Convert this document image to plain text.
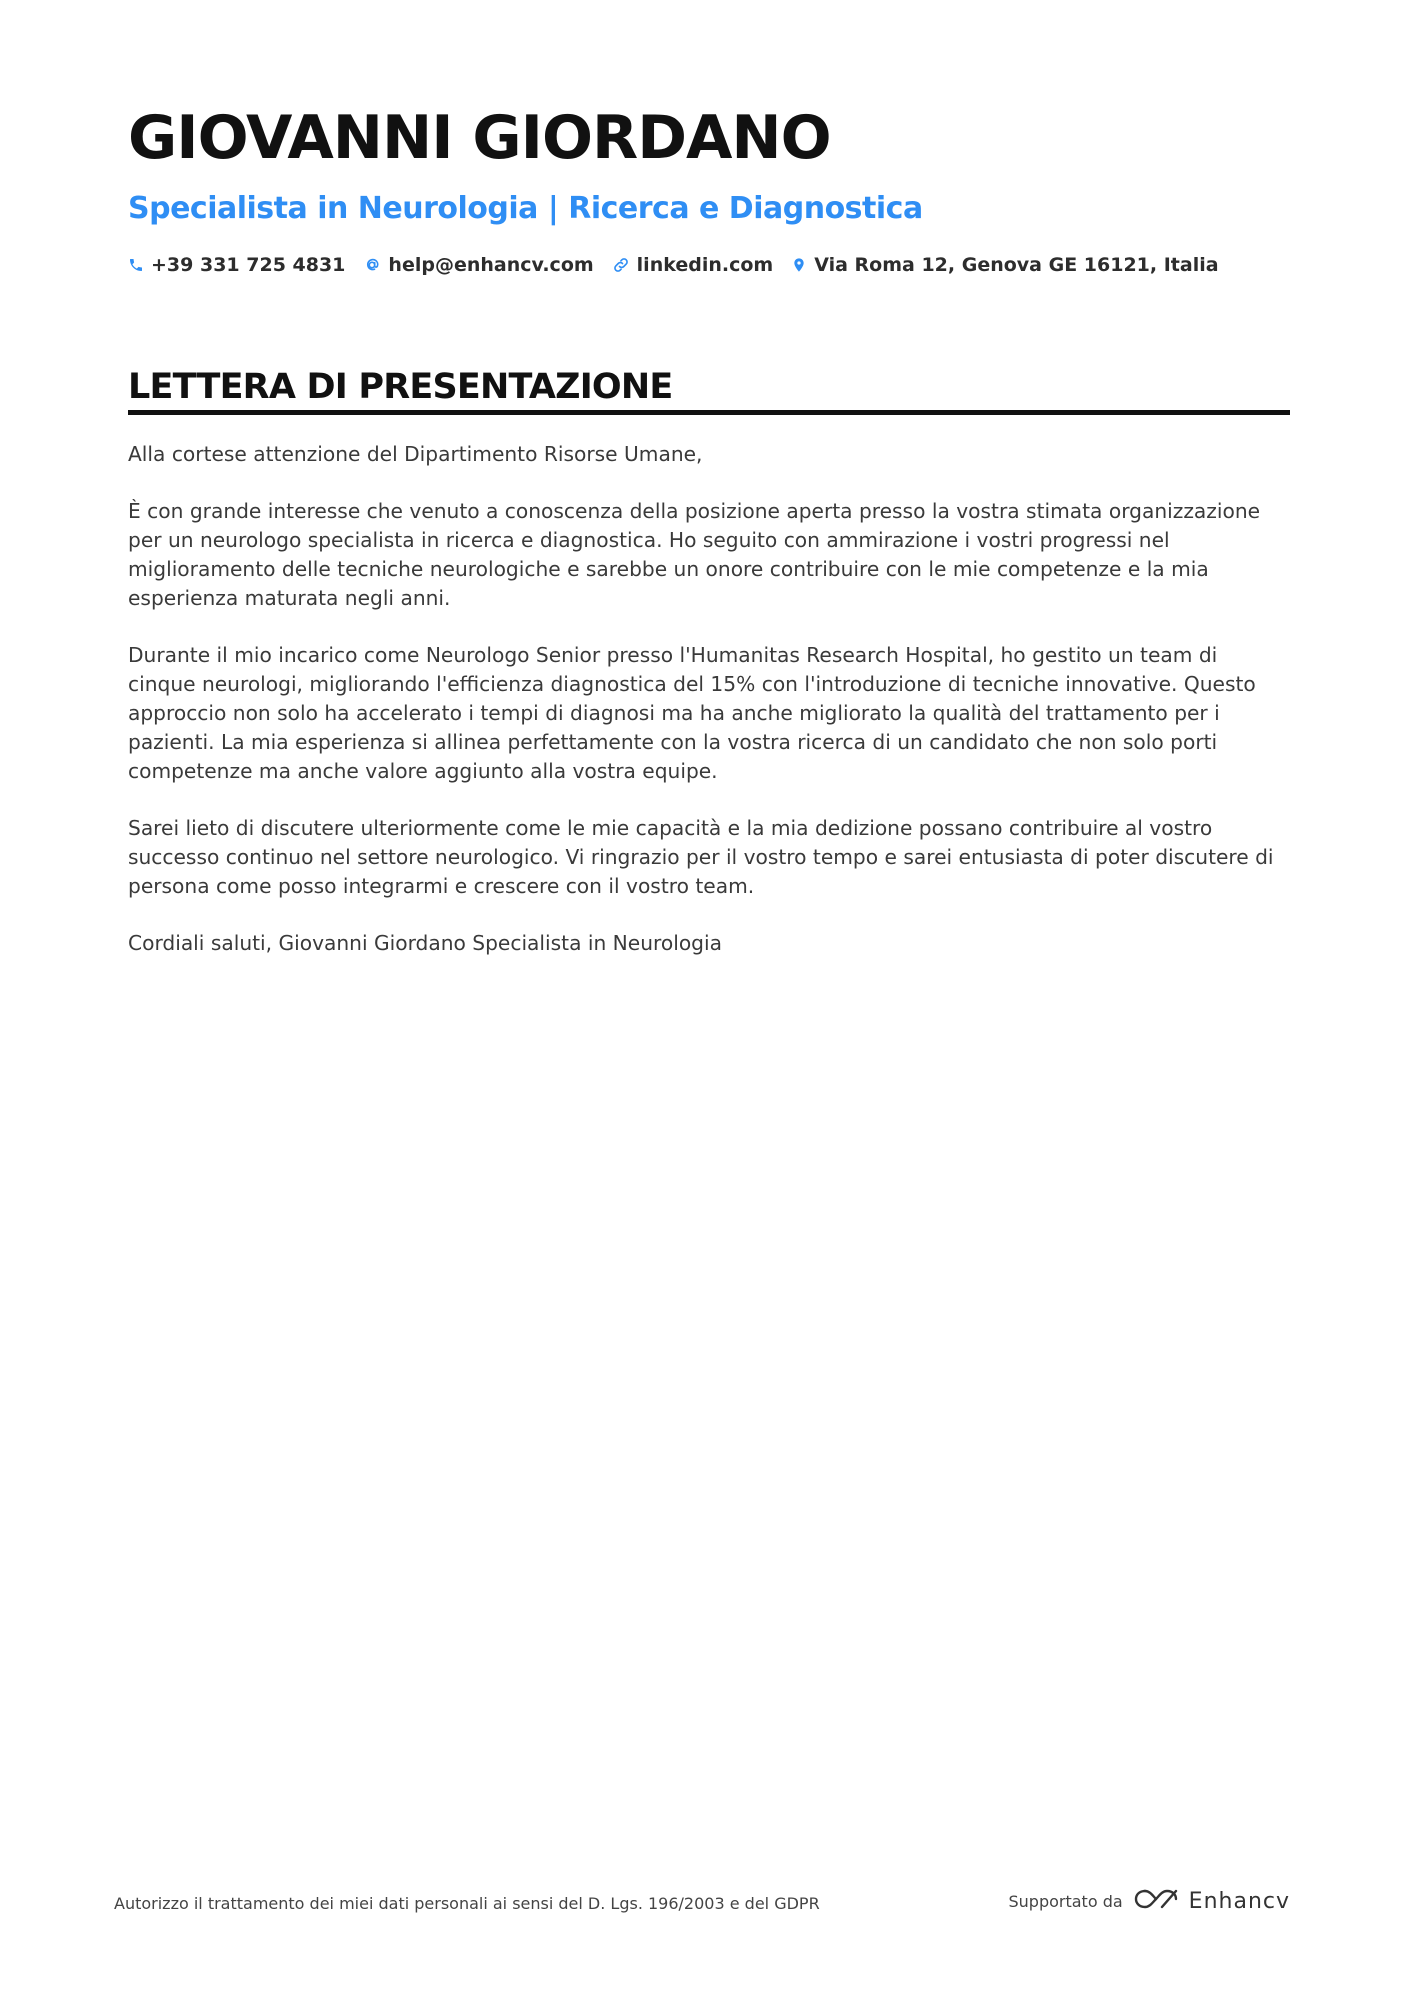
GIOVANNI GIORDANO
Specialista in Neurologia | Ricerca e Diagnostica
+39 331 725 4831 help@enhancv.com linkedin.com Via Roma 12, Genova GE 16121, Italia
LETTERA DI PRESENTAZIONE

Alla cortese attenzione del Dipartimento Risorse Umane,

È con grande interesse che venuto a conoscenza della posizione aperta presso la vostra stimata organizzazione per un neurologo specialista in ricerca e diagnostica. Ho seguito con ammirazione i vostri progressi nel miglioramento delle tecniche neurologiche e sarebbe un onore contribuire con le mie competenze e la mia esperienza maturata negli anni.

Durante il mio incarico come Neurologo Senior presso l'Humanitas Research Hospital, ho gestito un team di cinque neurologi, migliorando l'efficienza diagnostica del 15% con l'introduzione di tecniche innovative. Questo approccio non solo ha accelerato i tempi di diagnosi ma ha anche migliorato la qualità del trattamento per i pazienti. La mia esperienza si allinea perfettamente con la vostra ricerca di un candidato che non solo porti competenze ma anche valore aggiunto alla vostra equipe.

Sarei lieto di discutere ulteriormente come le mie capacità e la mia dedizione possano contribuire al vostro successo continuo nel settore neurologico. Vi ringrazio per il vostro tempo e sarei entusiasta di poter discutere di persona come posso integrarmi e crescere con il vostro team.

Cordiali saluti, Giovanni Giordano Specialista in Neurologia

Autorizzo il trattamento dei miei dati personali ai sensi del D. Lgs. 196/2003 e del GDPR	Supportato da	Enhancv
